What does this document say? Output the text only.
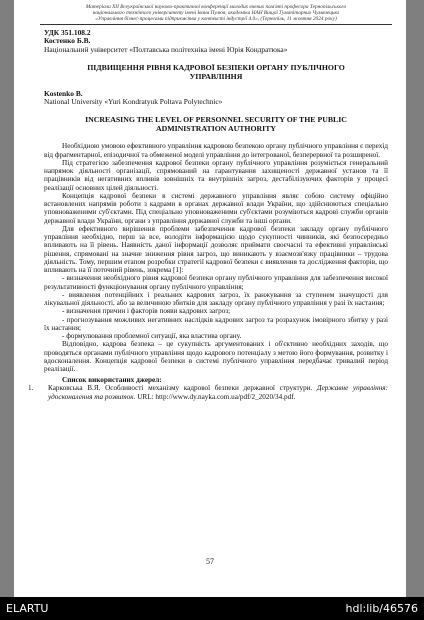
Матеріали ХII Всеукраїнської науково-практичної конференції молодих вчених пам'яті професора Тернопільського
національного технічного університету імені Івана Пулюя, академіка НАН Вищої Гуманітарних Чумачецько
«Управління бізнес-процесами підприємства у контексті індустрії 4.0», (Тернопіль, 11 жовтня 2024 року)
УДК 351.108.2
Костенко Б.В.
Національний університет «Полтавська політехніка імені Юрія Кондратюка»
ПІДВИЩЕННЯ РІВНЯ КАДРОВОЇ БЕЗПЕКИ ОРГАНУ ПУБЛІЧНОГО УПРАВЛІННЯ
Kostenko B.
National University «Yuri Kondratyuk Poltava Polytechnic»
INCREASING THE LEVEL OF PERSONNEL SECURITY OF THE PUBLIC ADMINISTRATION AUTHORITY

Необхідною умовою ефективного управління кадровою безпекою органу публічного управління є перехід від фрагментарної, епізодичної та обмеженої моделі управління до інтегрованої, безперервної та розширеної.

Під стратегією забезпечення кадрової безпеки органу публічного управління розуміється генеральний напрямок діяльності організації, спрямований на гарантування захищеності державної установ та її працівників від негативних впливів зовнішніх та внутрішніх загроз, дестабілізуючих факторів у процесі реалізації основних цілей діяльності.

Концепція кадрової безпеки в системі державного управління являє собою систему офіційно встановлених напрямів роботи з кадрами в органах державної влади України, що здійснюються спеціально уповноваженими суб'єктами. Під спеціально уповноваженими суб'єктами розуміються кадрові служби органів державної влади України, органи з управління державної служби та інші органи.

Для ефективного вирішення проблеми забезпечення кадрової безпеки закладу органу публічного управління необхідно, перш за все, володіти інформацією щодо сукупності чинників, які безпосередньо впливають на її рівень. Наявність даної інформації дозволяє приймати своєчасні та ефективні управлінські рішення, спрямовані на значне зниження рівня загроз, що виникають у взаємозв'язку працівники – трудова діяльність. Тому, першим етапом розробки стратегії кадрової безпеки є виявлення та дослідження факторів, що впливають на її поточний рівень, зокрема [1]:

- визначення необхідного рівня кадрової безпеки органу публічного управління для забезпечення високої результативності функціонування органу публічного управління;

- виявлення потенційних і реальних кадрових загроз, їх ранжування за ступенем значущості для лікувальної діяльності, або за величиною збитків для закладу органу публічного управління у разі їх настання;

- визначення причин і факторів появи кадрових загроз;

- прогнозування можливих негативних наслідків кадрових загроз та розрахунок імовірного збитку у разі їх настання;

- формулювання проблемної ситуації, яка властива органу.

Відповідно, кадрова безпека – це сукупність аргументованих і об'єктивно необхідних заходів, що проводяться органами публічного управління щодо кадрового потенціалу з метою його формування, розвитку і вдосконалення. Концепція кадрової безпеки в системі публічного управління передбачає тривалий період реалізації.

Список використаних джерел:
1.	Карковська В.Я. Особливості механізму кадрової безпеки державної структури. Державне управління: удосконалення та розвиток. URL: http://www.dy.nayka.com.ua/pdf/2_2020/34.pdf.
57
ELARTU	hdl:lib/46576
